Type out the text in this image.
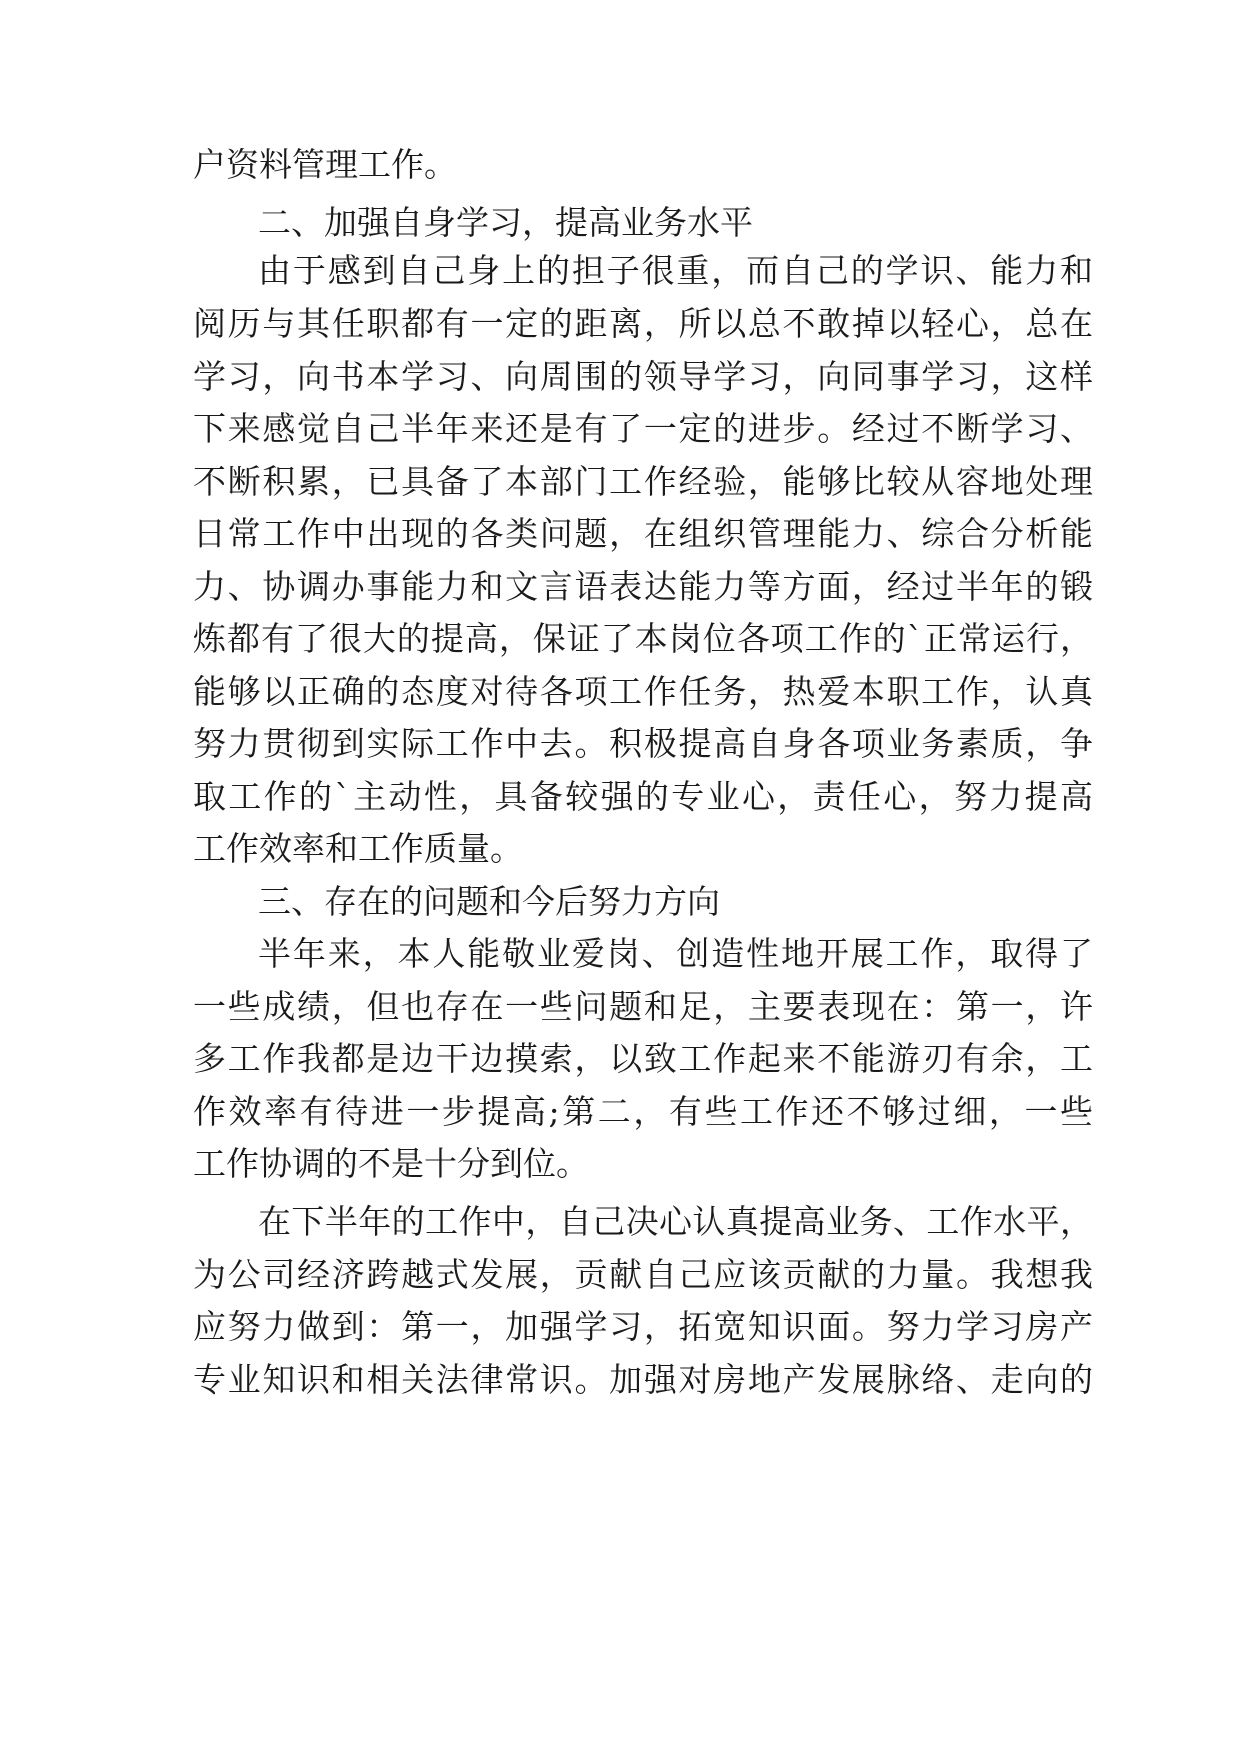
户资料管理工作。
二、加强自身学习，提高业务水平
由于感到自己身上的担子很重，而自己的学识、能力和
阅历与其任职都有一定的距离，所以总不敢掉以轻心，总在
学习，向书本学习、向周围的领导学习，向同事学习，这样
下来感觉自己半年来还是有了一定的进步。经过不断学习、
不断积累，已具备了本部门工作经验，能够比较从容地处理
日常工作中出现的各类问题，在组织管理能力、综合分析能
力、协调办事能力和文言语表达能力等方面，经过半年的锻
炼都有了很大的提高，保证了本岗位各项工作的`正常运行，
能够以正确的态度对待各项工作任务，热爱本职工作，认真
努力贯彻到实际工作中去。积极提高自身各项业务素质，争
取工作的`主动性，具备较强的专业心，责任心，努力提高
工作效率和工作质量。
三、存在的问题和今后努力方向
半年来，本人能敬业爱岗、创造性地开展工作，取得了
一些成绩，但也存在一些问题和足，主要表现在：第一，许
多工作我都是边干边摸索，以致工作起来不能游刃有余，工
作效率有待进一步提高;第二，有些工作还不够过细，一些
工作协调的不是十分到位。
在下半年的工作中，自己决心认真提高业务、工作水平，
为公司经济跨越式发展，贡献自己应该贡献的力量。我想我
应努力做到：第一，加强学习，拓宽知识面。努力学习房产
专业知识和相关法律常识。加强对房地产发展脉络、走向的
